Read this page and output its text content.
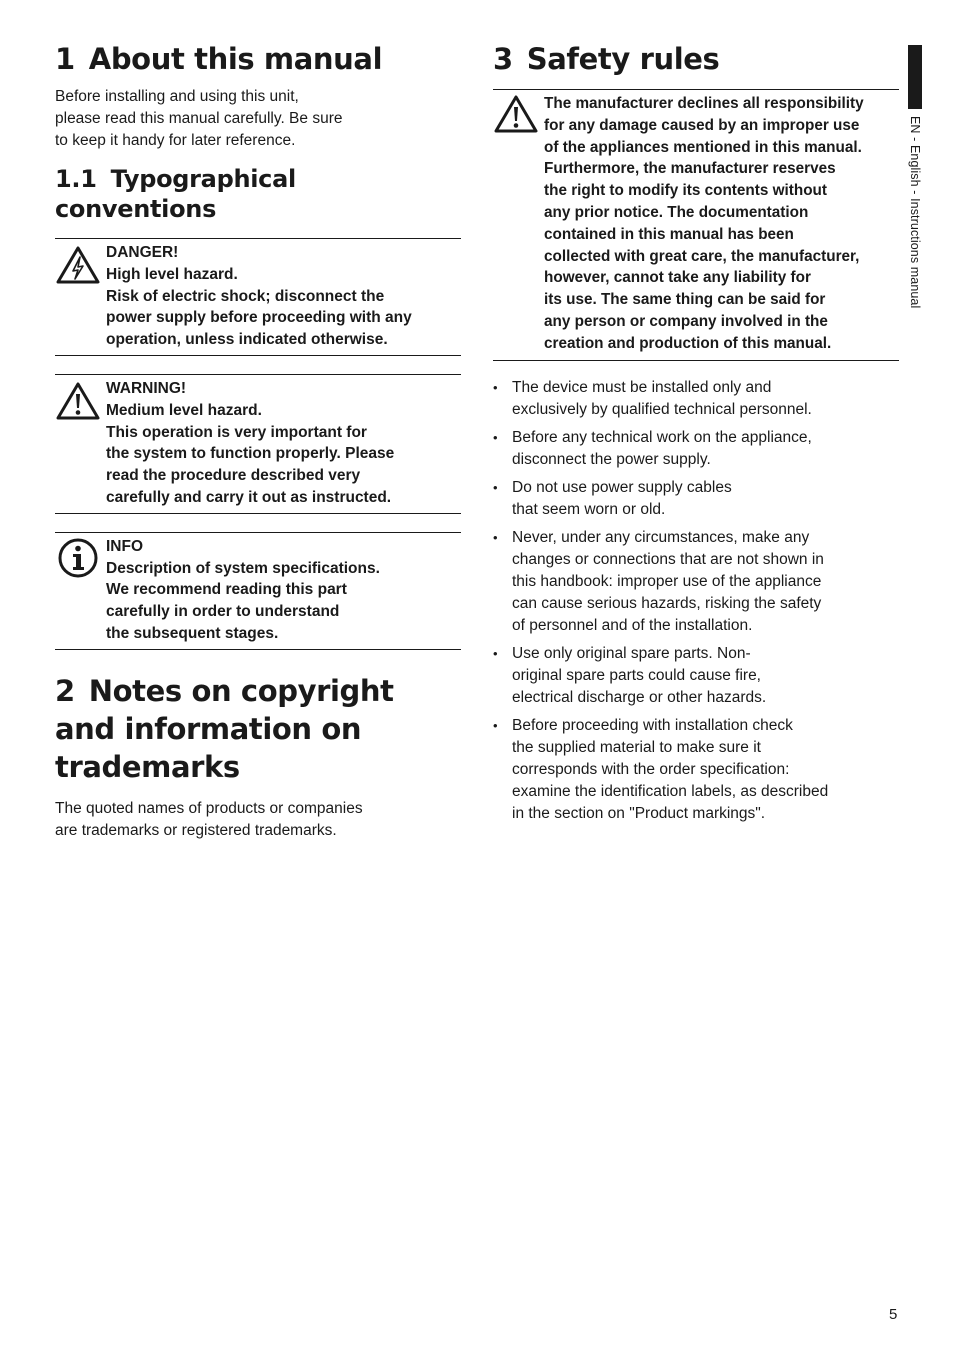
1 About this manual

Before installing and using this unit,
please read this manual carefully. Be sure
to keep it handy for later reference.

1.1 Typographical conventions
DANGER!
High level hazard.
Risk of electric shock; disconnect the
power supply before proceeding with any
operation, unless indicated otherwise.
WARNING!
Medium level hazard.
This operation is very important for
the system to function properly. Please
read the procedure described very
carefully and carry it out as instructed.
INFO
Description of system specifications.
We recommend reading this part
carefully in order to understand
the subsequent stages.
2 Notes on copyright and information on trademarks

The quoted names of products or companies
are trademarks or registered trademarks.

3 Safety rules
The manufacturer declines all responsibility
for any damage caused by an improper use
of the appliances mentioned in this manual.
Furthermore, the manufacturer reserves
the right to modify its contents without
any prior notice. The documentation
contained in this manual has been
collected with great care, the manufacturer,
however, cannot take any liability for
its use. The same thing can be said for
any person or company involved in the
creation and production of this manual.
• The device must be installed only and
exclusively by qualified technical personnel.
• Before any technical work on the appliance,
disconnect the power supply.
• Do not use power supply cables
that seem worn or old.
• Never, under any circumstances, make any
changes or connections that are not shown in
this handbook: improper use of the appliance
can cause serious hazards, risking the safety
of personnel and of the installation.
• Use only original spare parts. Non-
original spare parts could cause fire,
electrical discharge or other hazards.
• Before proceeding with installation check
the supplied material to make sure it
corresponds with the order specification:
examine the identification labels, as described
in the section on "Product markings".
EN - English - Instructions manual
5
